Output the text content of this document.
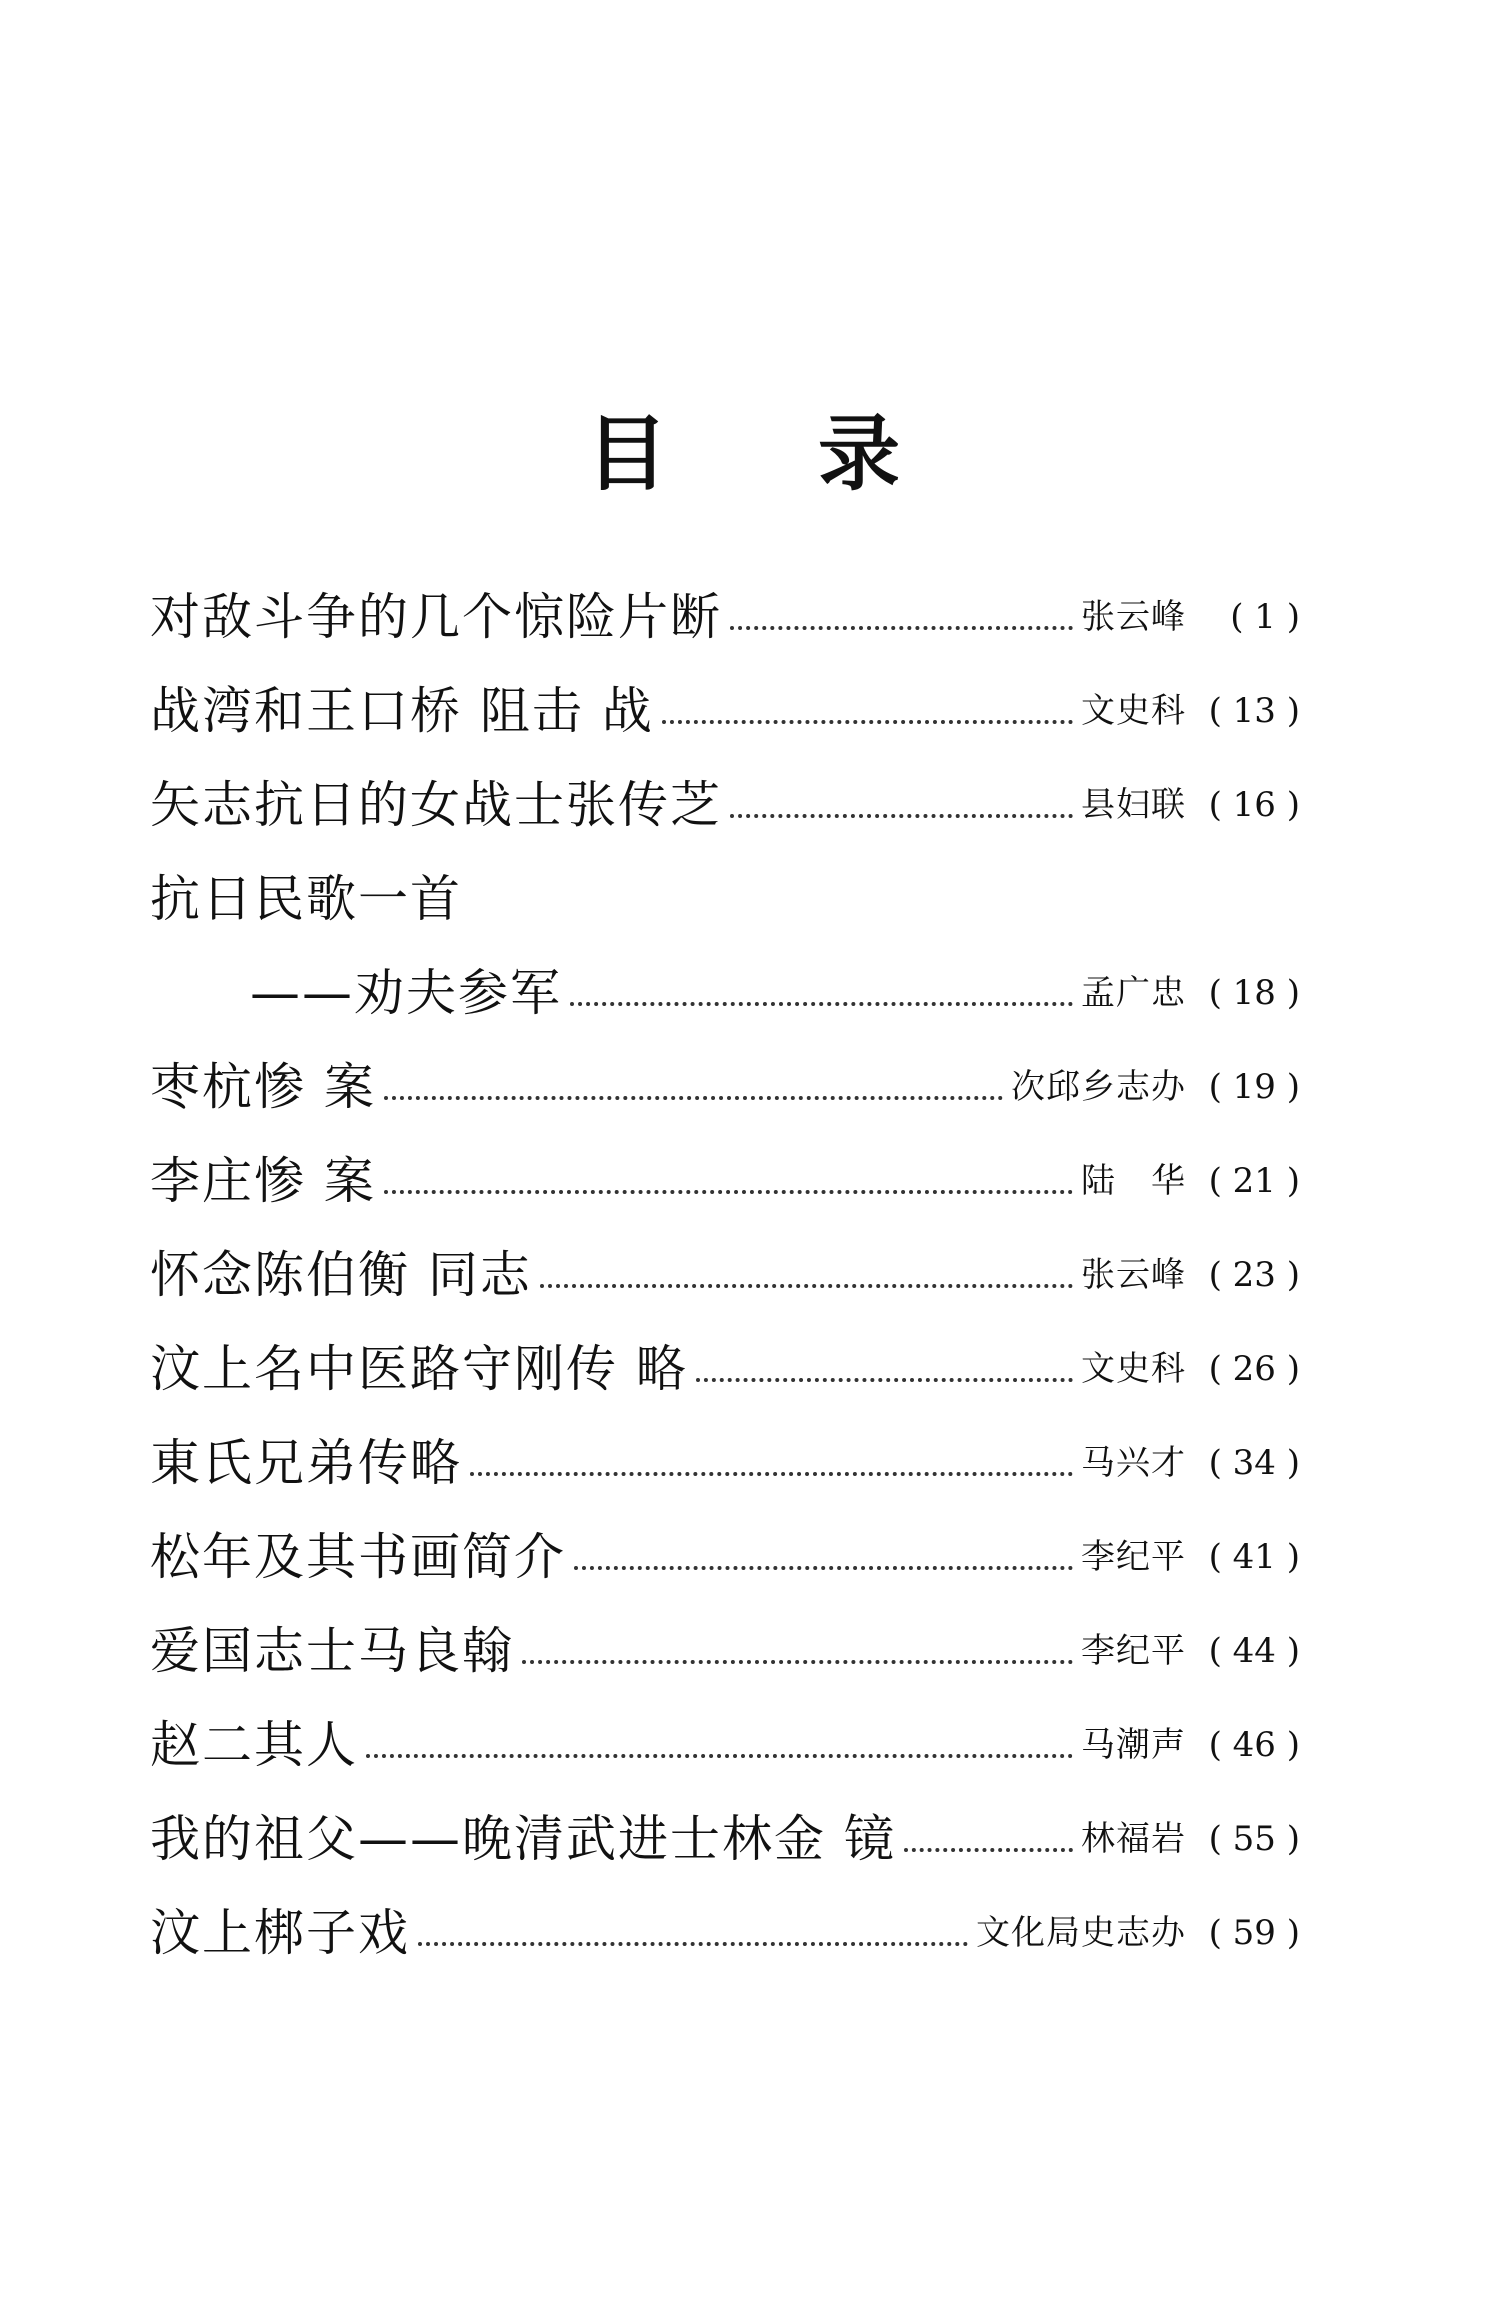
目 录
对敌斗争的几个惊险片断	张云峰	( 1 )
战湾和王口桥 阻击 战	文史科 ( 13 )
矢志抗日的女战士张传芝	县妇联 ( 16 )
抗日民歌一首
——劝夫参军	孟广忠 ( 18 )
枣杭惨 案	次邱乡志办 ( 19 )
李庄惨 案	陆　华 ( 21 )
怀念陈伯衡 同志	张云峰 ( 23 )
汶上名中医路守刚传 略	文史科 ( 26 )
東氏兄弟传略	马兴才 ( 34 )
松年及其书画简介	李纪平 ( 41 )
爱国志士马良翰	李纪平 ( 44 )
赵二其人	马潮声 ( 46 )
我的祖父——晚清武进士林金 镜	林福岩 ( 55 )
汶上梆子戏	文化局史志办 ( 59 )
